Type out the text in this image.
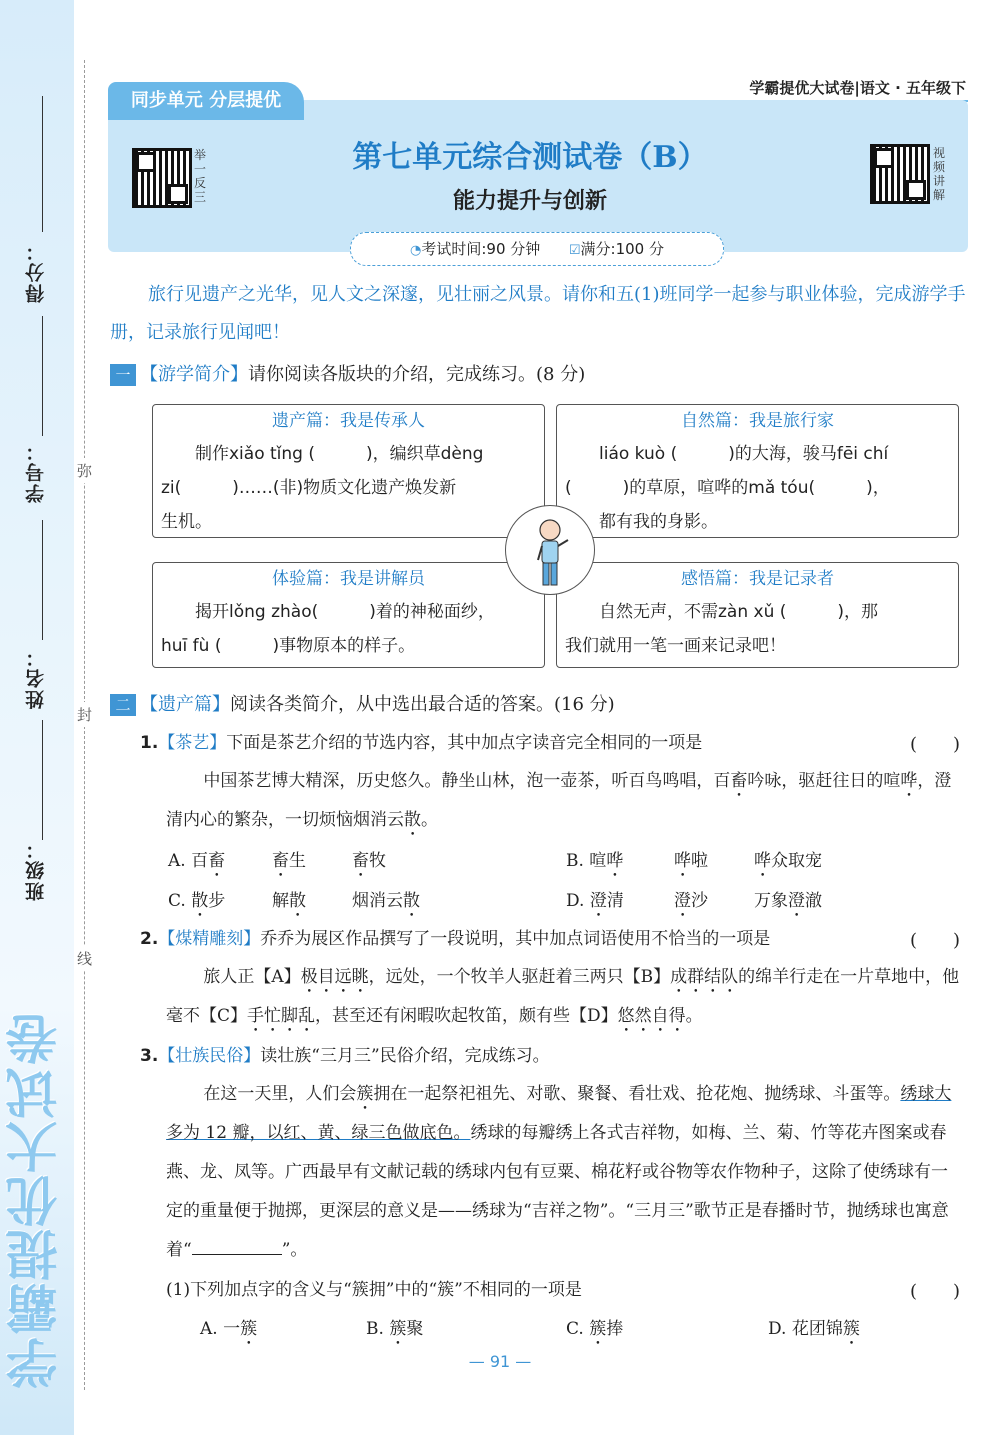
得分：
学号：
姓名：
班级：
学霸提优大试卷
弥
封
线
学霸提优大试卷|语文 · 五年级下
同步单元 分层提优
举一反三
视频讲解
第七单元综合测试卷（B）
能力提升与创新
◔考试时间:90 分钟 ☑满分:100 分
旅行见遗产之光华，见人文之深邃，见壮丽之风景。请你和五(1)班同学一起参与职业体验，完成游学手册，记录旅行见闻吧！
一 【游学简介】请你阅读各版块的介绍，完成练习。(8 分)
遗产篇：我是传承人

制作xiǎo tǐng (　　　)，编织草dèng

zi(　　　)……(非)物质文化遗产焕发新
生机。
自然篇：我是旅行家

liáo kuò (　　　)的大海，骏马fēi chí

(　　　)的草原，喧哗的mǎ tóu(　　　)，

都有我的身影。

体验篇：我是讲解员

揭开lǒng zhào(　　　)着的神秘面纱，

huī fù (　　　)事物原本的样子。
感悟篇：我是记录者

自然无声，不需zàn xǔ (　　　)，那

我们就用一笔一画来记录吧！
二 【遗产篇】阅读各类简介，从中选出最合适的答案。(16 分)
1.【茶艺】下面是茶艺介绍的节选内容，其中加点字读音完全相同的一项是	(　　)
中国茶艺博大精深，历史悠久。静坐山林，泡一壶茶，听百鸟鸣唱，百畜吟咏，驱赶往日的喧哗，澄清内心的繁杂，一切烦恼烟消云散。
A. 百畜	畜生	畜牧	B. 喧哗	哗啦	哗众取宠
C. 散步	解散	烟消云散	D. 澄清	澄沙	万象澄澈
2.【煤精雕刻】乔乔为展区作品撰写了一段说明，其中加点词语使用不恰当的一项是	(　　)
旅人正【A】极目远眺，远处，一个牧羊人驱赶着三两只【B】成群结队的绵羊行走在一片草地中，他毫不【C】手忙脚乱，甚至还有闲暇吹起牧笛，颇有些【D】悠然自得。
3.【壮族民俗】读壮族“三月三”民俗介绍，完成练习。
在这一天里，人们会簇拥在一起祭祀祖先、对歌、聚餐、看壮戏、抢花炮、抛绣球、斗蛋等。绣球大多为 12 瓣，以红、黄、绿三色做底色。绣球的每瓣绣上各式吉祥物，如梅、兰、菊、竹等花卉图案或春燕、龙、凤等。广西最早有文献记载的绣球内包有豆粟、棉花籽或谷物等农作物种子，这除了使绣球有一定的重量便于抛掷，更深层的意义是——绣球为“吉祥之物”。“三月三”歌节正是春播时节，抛绣球也寓意着“	”。
(1)下列加点字的含义与“簇拥”中的“簇”不相同的一项是	(　　)
A. 一簇	B. 簇聚	C. 簇捧	D. 花团锦簇
— 91 —
